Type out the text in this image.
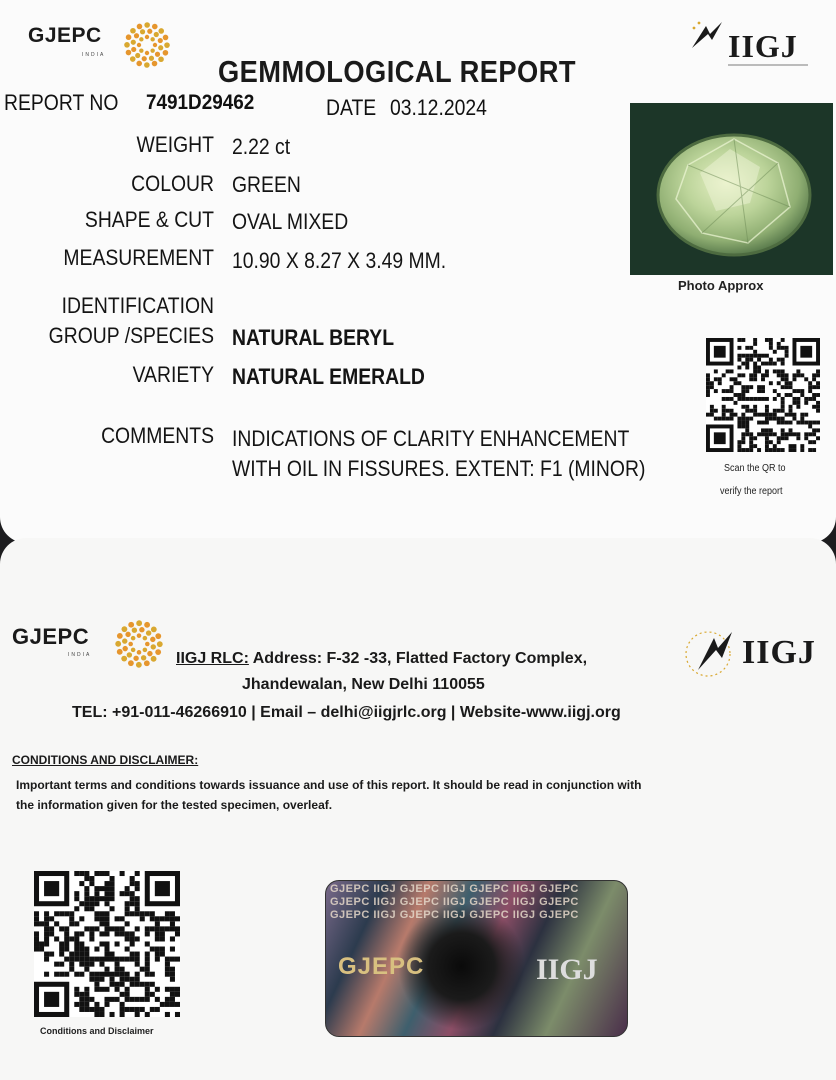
GJEPC
INDIA	IIGJ
GEMMOLOGICAL REPORT
REPORT NO 7491D29462	DATE 03.12.2024
WEIGHT 2.22 ct
COLOUR GREEN
SHAPE & CUT OVAL MIXED
MEASUREMENT 10.90 X 8.27 X 3.49 MM.
IDENTIFICATION
GROUP /SPECIES NATURAL BERYL
VARIETY NATURAL EMERALD
COMMENTS INDICATIONS OF CLARITY ENHANCEMENT
WITH OIL IN FISSURES. EXTENT: F1 (MINOR)
Photo Approx
Scan the QR to
verify the report
GJEPC
INDIA	IIGJ
IIGJ RLC: Address: F-32 -33, Flatted Factory Complex,
Jhandewalan, New Delhi 110055
TEL: +91-011-46266910 | Email – delhi@iigjrlc.org | Website-www.iigj.org
CONDITIONS AND DISCLAIMER:
Important terms and conditions towards issuance and use of this report. It should be read in conjunction with
the information given for the tested specimen, overleaf.
Conditions and Disclaimer
GJEPC IIGJ GJEPC IIGJ GJEPC IIGJ GJEPC
GJEPC IIGJ GJEPC IIGJ GJEPC IIGJ GJEPC
GJEPC IIGJ GJEPC IIGJ GJEPC IIGJ GJEPC
GJEPC	IIGJ
